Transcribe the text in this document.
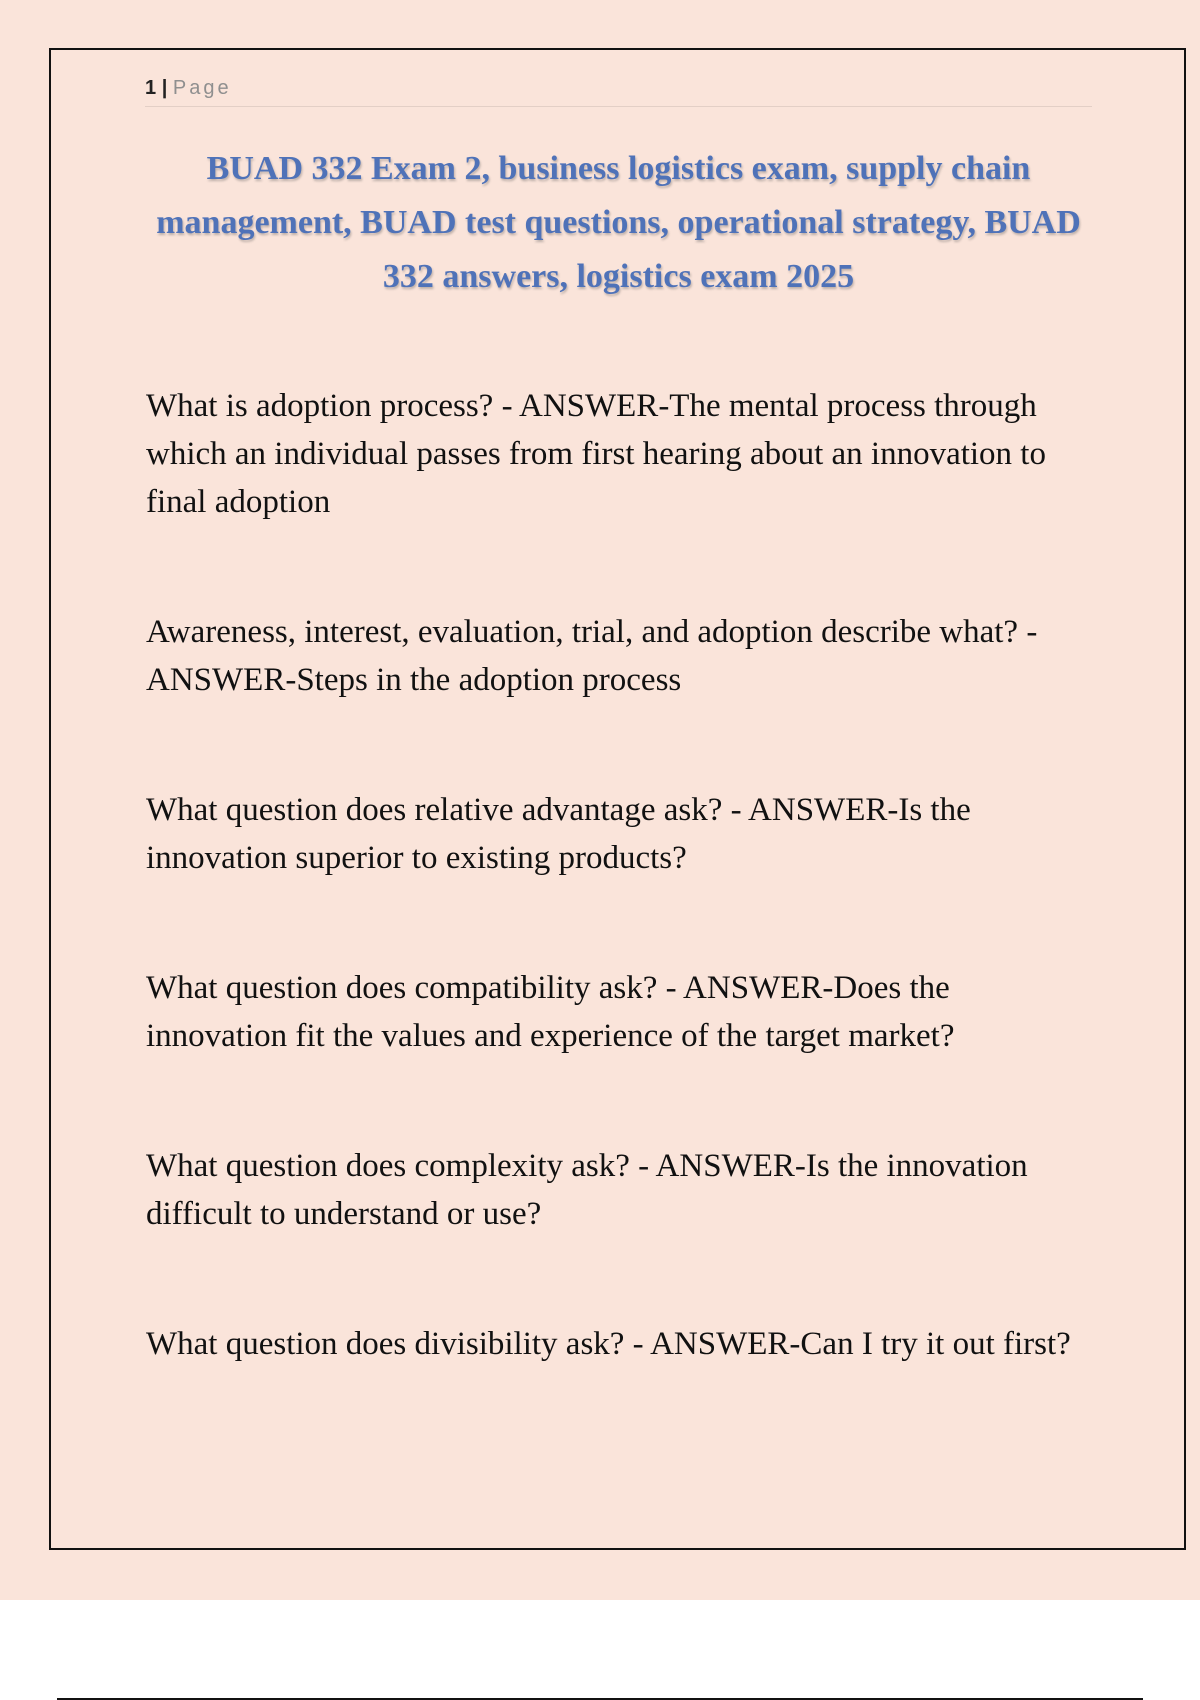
1 | Page
BUAD 332 Exam 2, business logistics exam, supply chain management, BUAD test questions, operational strategy, BUAD 332 answers, logistics exam 2025

What is adoption process? - ANSWER-The mental process through which an individual passes from first hearing about an innovation to final adoption

Awareness, interest, evaluation, trial, and adoption describe what? - ANSWER-Steps in the adoption process

What question does relative advantage ask? - ANSWER-Is the innovation superior to existing products?

What question does compatibility ask? - ANSWER-Does the innovation fit the values and experience of the target market?

What question does complexity ask? - ANSWER-Is the innovation difficult to understand or use?

What question does divisibility ask? - ANSWER-Can I try it out first?
